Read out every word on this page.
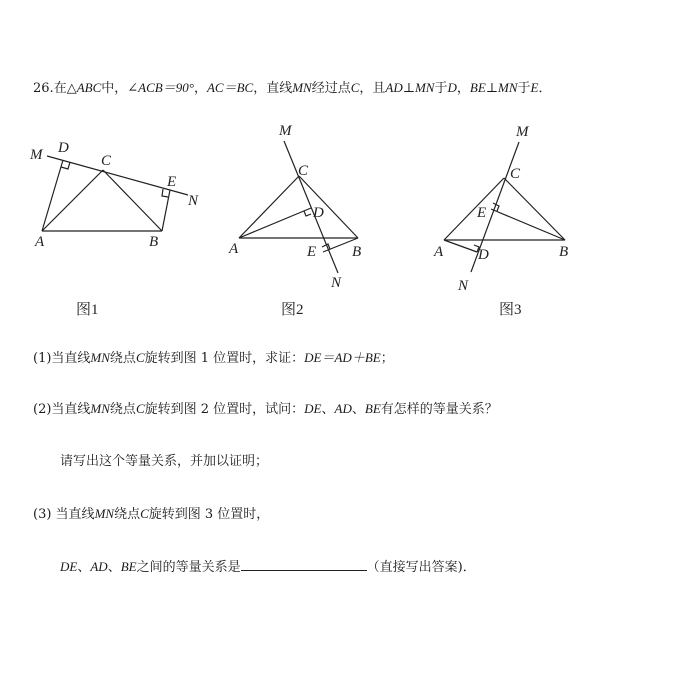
26.在△ABC中，∠ACB＝90°，AC＝BC，直线MN经过点C，且AD⊥MN于D，BE⊥MN于E．
M D
C
E
N
A	B
图1
M
C
D
A	E B
N
图2
M
C
E
A D	B
N
图3
(1)当直线MN绕点C旋转到图 1 位置时，求证：DE＝AD＋BE；
(2)当直线MN绕点C旋转到图 2 位置时，试问：DE、AD、BE有怎样的等量关系？
请写出这个等量关系，并加以证明；
(3) 当直线MN绕点C旋转到图 3 位置时，
DE、AD、BE之间的等量关系是	（直接写出答案)．
